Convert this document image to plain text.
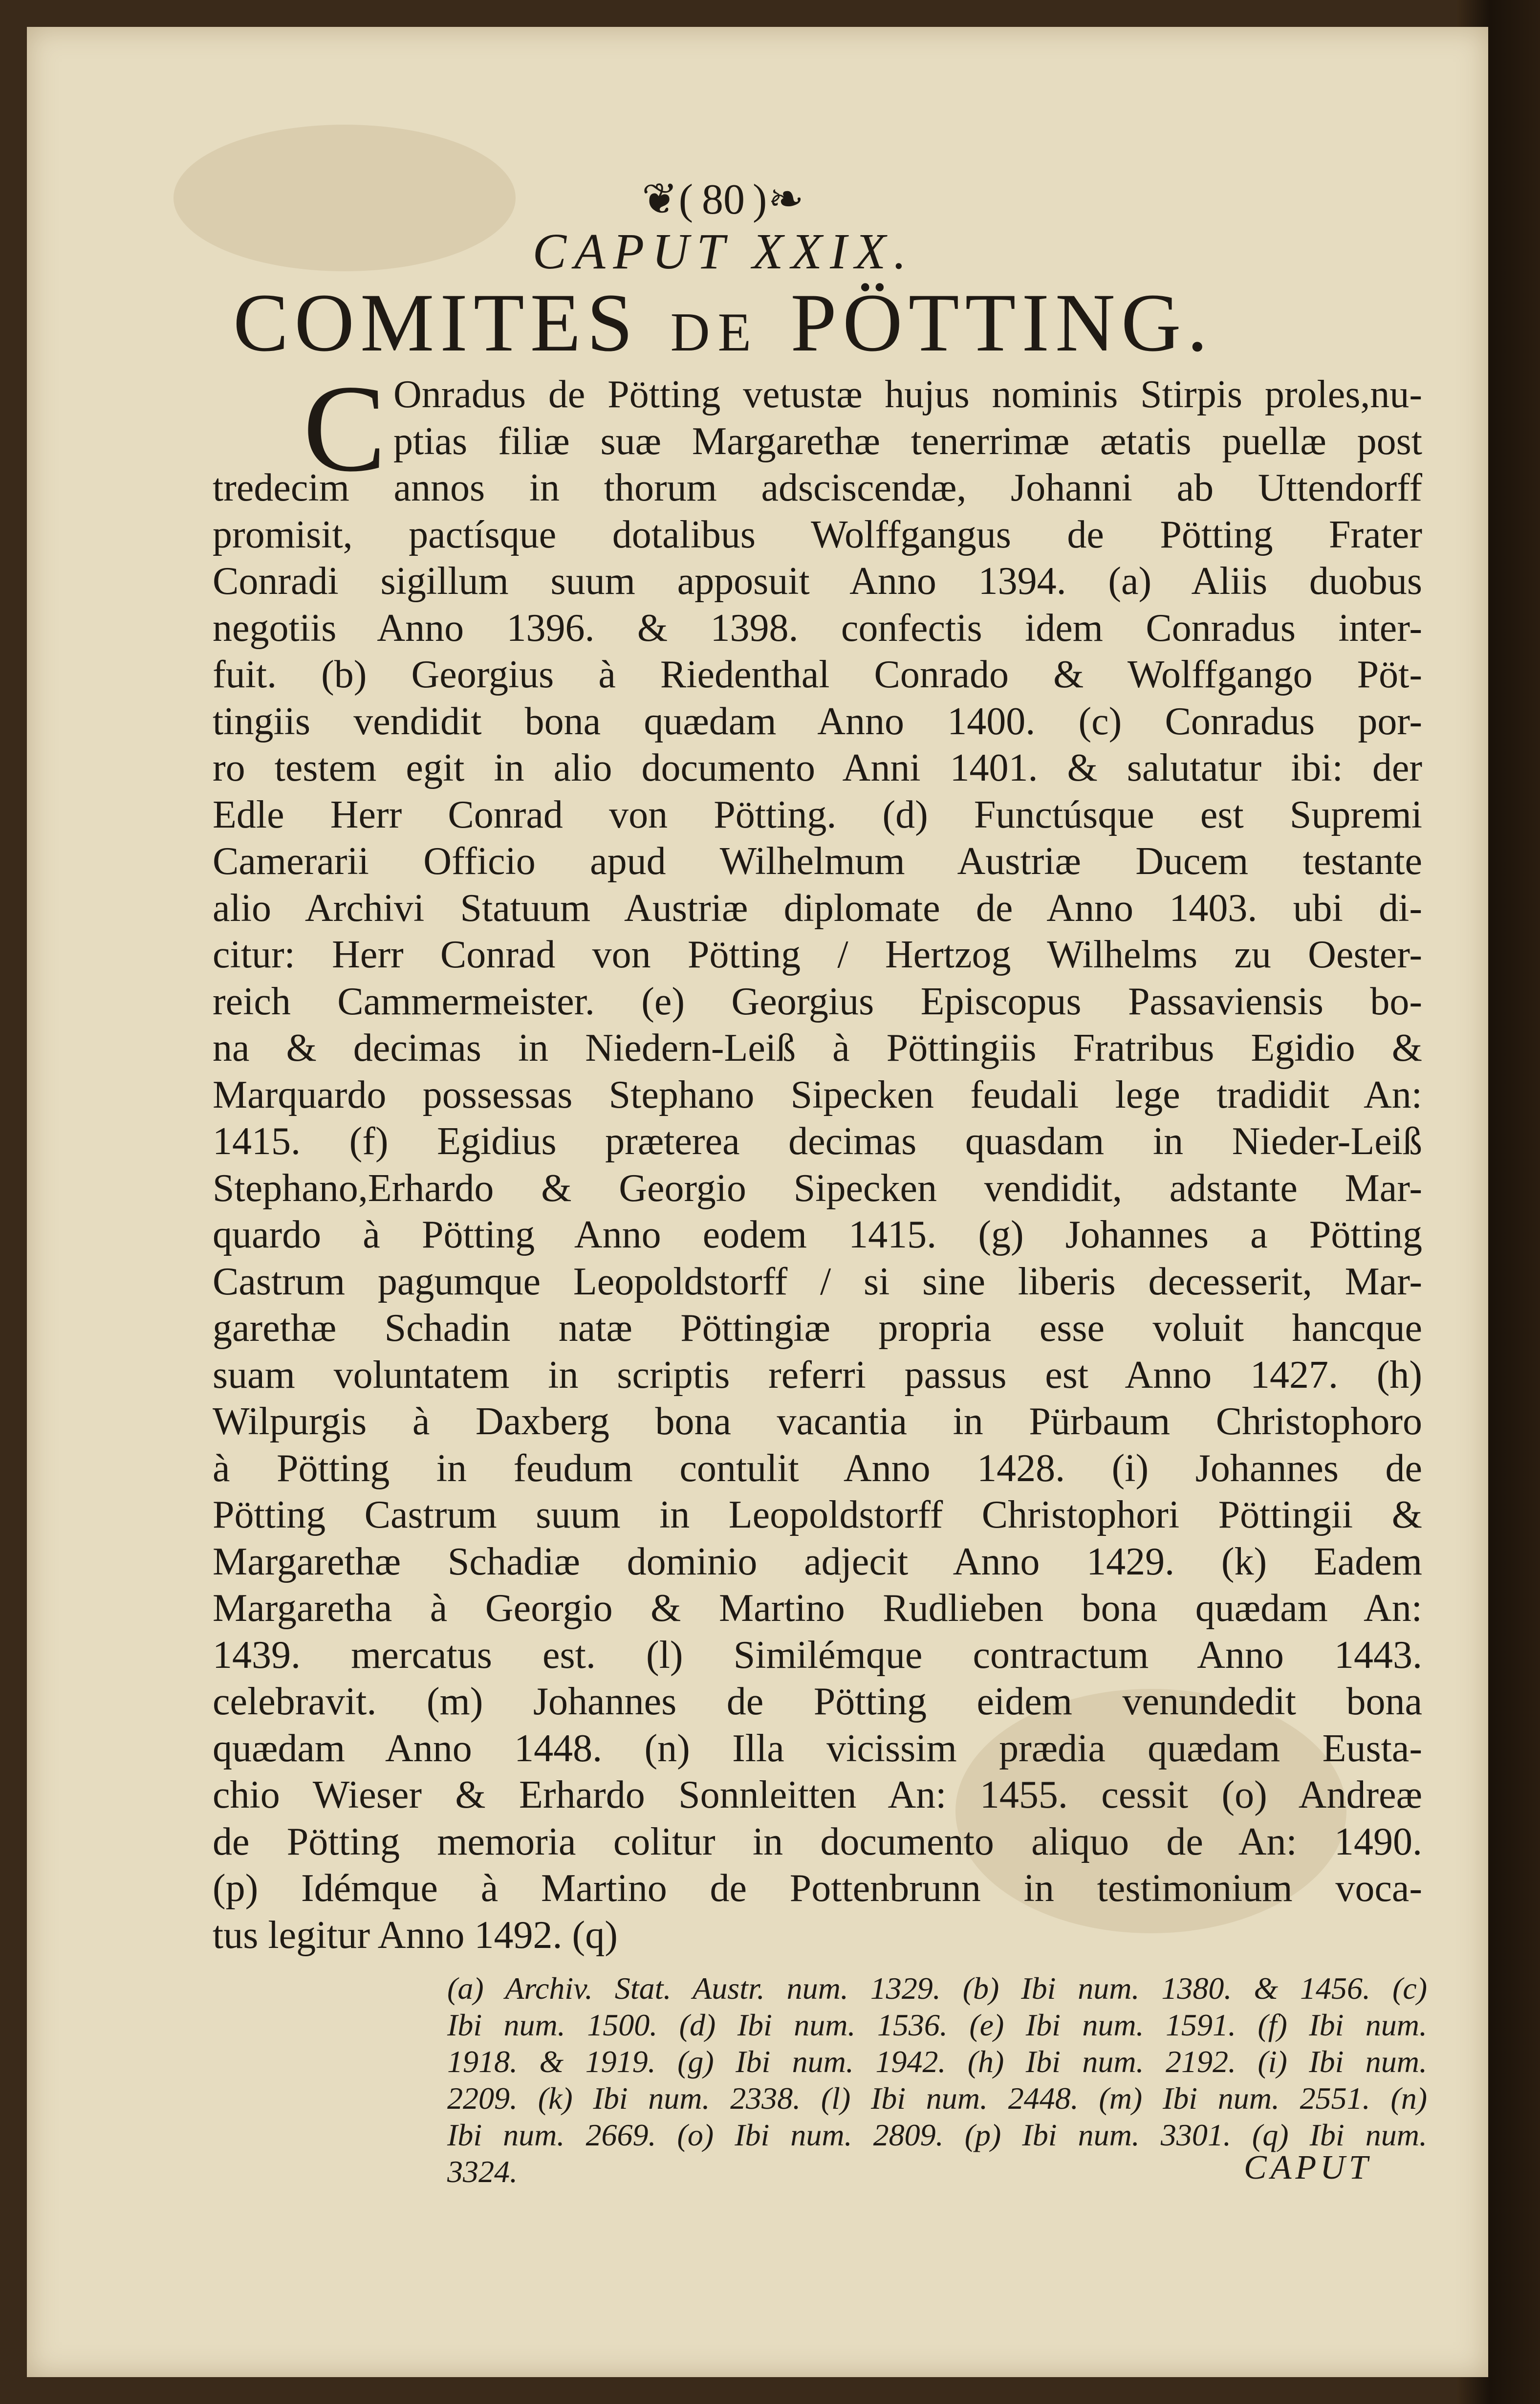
❦( 80 )❧
CAPUT XXIX.
COMITES DE PÖTTING.
C Onradus de Pötting vetustæ hujus nominis Stirpis proles,nu-
ptias filiæ suæ Margarethæ tenerrimæ ætatis puellæ post
tredecim annos in thorum adsciscendæ, Johanni ab Uttendorff
promisit, pactísque dotalibus Wolffgangus de Pötting Frater
Conradi sigillum suum apposuit Anno 1394. (a) Aliis duobus
negotiis Anno 1396. & 1398. confectis idem Conradus inter-
fuit. (b) Georgius à Riedenthal Conrado & Wolffgango Pöt-
tingiis vendidit bona quædam Anno 1400. (c) Conradus por-
ro testem egit in alio documento Anni 1401. & salutatur ibi: der
Edle Herr Conrad von Pötting. (d) Functúsque est Supremi
Camerarii Officio apud Wilhelmum Austriæ Ducem testante
alio Archivi Statuum Austriæ diplomate de Anno 1403. ubi di-
citur: Herr Conrad von Pötting / Hertzog Wilhelms zu Oester-
reich Cammermeister. (e) Georgius Episcopus Passaviensis bo-
na & decimas in Niedern-Leiß à Pöttingiis Fratribus Egidio &
Marquardo possessas Stephano Sipecken feudali lege tradidit An:
1415. (f) Egidius præterea decimas quasdam in Nieder-Leiß
Stephano,Erhardo & Georgio Sipecken vendidit, adstante Mar-
quardo à Pötting Anno eodem 1415. (g) Johannes a Pötting
Castrum pagumque Leopoldstorff / si sine liberis decesserit, Mar-
garethæ Schadin natæ Pöttingiæ propria esse voluit hancque
suam voluntatem in scriptis referri passus est Anno 1427. (h)
Wilpurgis à Daxberg bona vacantia in Pürbaum Christophoro
à Pötting in feudum contulit Anno 1428. (i) Johannes de
Pötting Castrum suum in Leopoldstorff Christophori Pöttingii &
Margarethæ Schadiæ dominio adjecit Anno 1429. (k) Eadem
Margaretha à Georgio & Martino Rudlieben bona quædam An:
1439. mercatus est. (l) Similémque contractum Anno 1443.
celebravit. (m) Johannes de Pötting eidem venundedit bona
quædam Anno 1448. (n) Illa vicissim prædia quædam Eusta-
chio Wieser & Erhardo Sonnleitten An: 1455. cessit (o) Andreæ
de Pötting memoria colitur in documento aliquo de An: 1490.
(p) Idémque à Martino de Pottenbrunn in testimonium voca-
tus legitur Anno 1492. (q)
(a) Archiv. Stat. Austr. num. 1329. (b) Ibi num. 1380. & 1456. (c)
Ibi num. 1500. (d) Ibi num. 1536. (e) Ibi num. 1591. (f) Ibi num.
1918. & 1919. (g) Ibi num. 1942. (h) Ibi num. 2192. (i) Ibi num.
2209. (k) Ibi num. 2338. (l) Ibi num. 2448. (m) Ibi num. 2551. (n)
Ibi num. 2669. (o) Ibi num. 2809. (p) Ibi num. 3301. (q) Ibi num.
3324.	CAPUT
